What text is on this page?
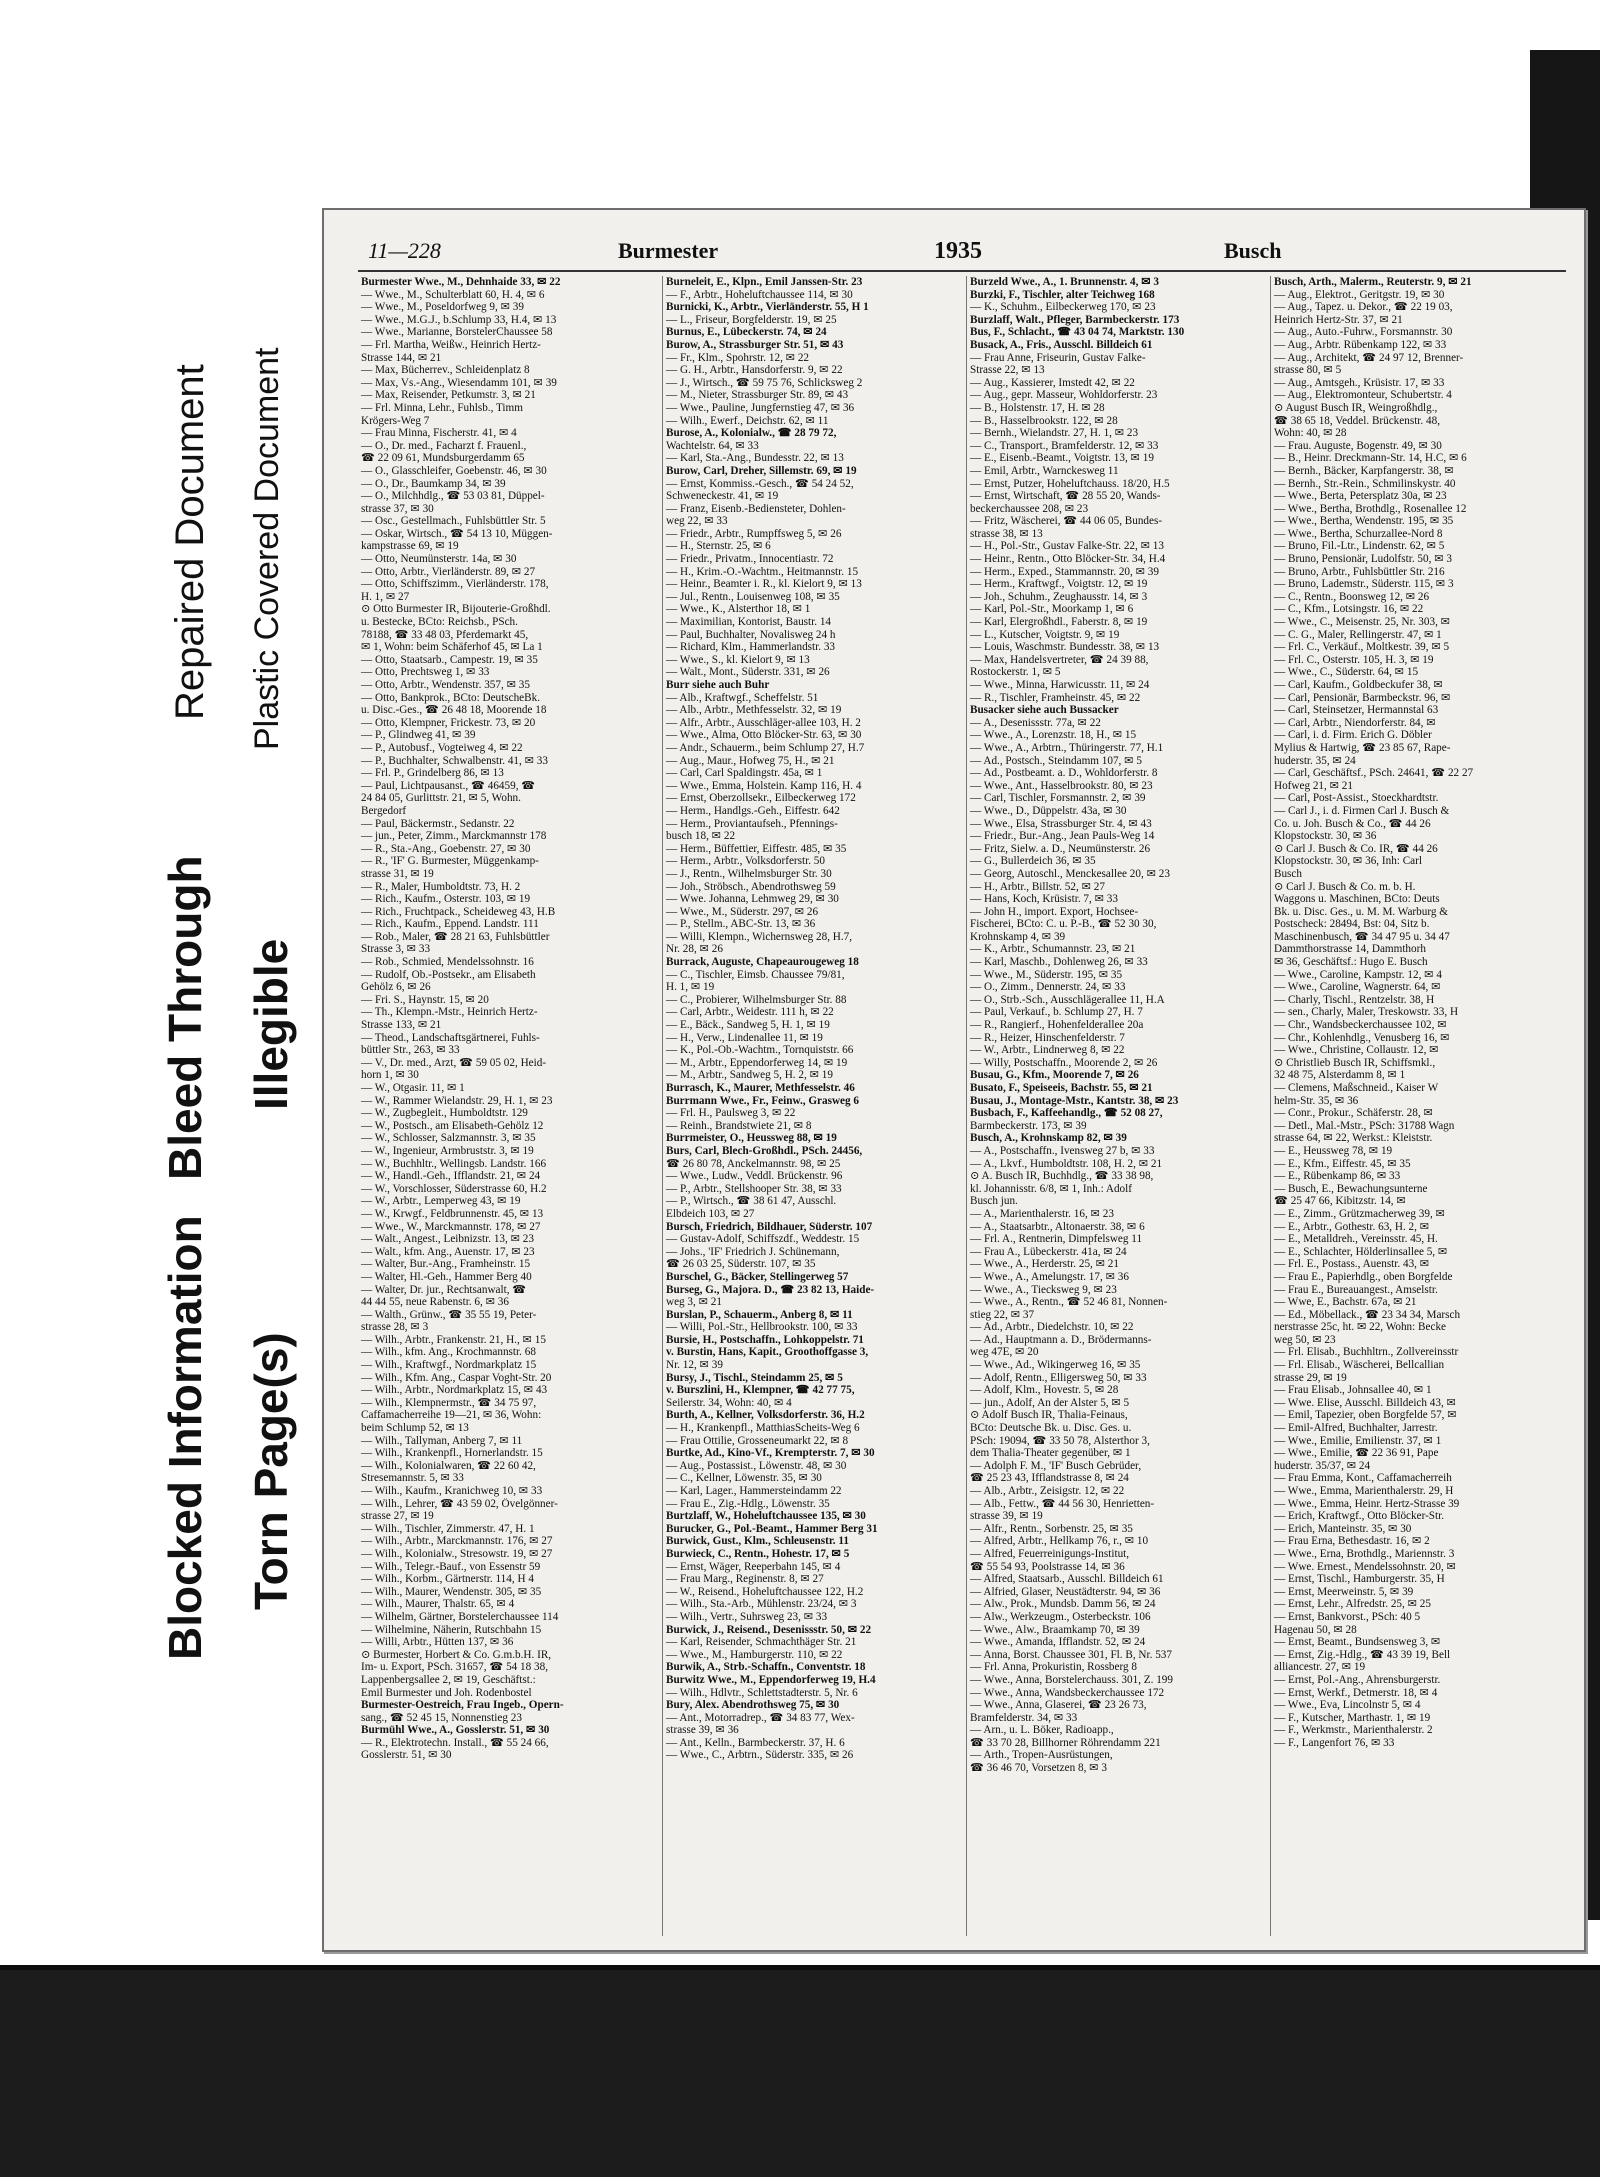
Blocked Information
Bleed Through
Repaired Document
Torn Page(s)
Illegible
Plastic Covered Document
11—228	Burmester	1935	Busch
Burmester Wwe., M., Dehnhaide 33, ✉ 22
— Wwe., M., Schulterblatt 60, H. 4, ✉ 6
— Wwe., M., Poseldorfweg 9, ✉ 39
— Wwe., M.G.J., b.Schlump 33, H.4, ✉ 13
— Wwe., Marianne, BorstelerChaussee 58
— Frl. Martha, Weißw., Heinrich Hertz-
Strasse 144, ✉ 21
— Max, Bücherrev., Schleidenplatz 8
— Max, Vs.-Ang., Wiesendamm 101, ✉ 39
— Max, Reisender, Petkumstr. 3, ✉ 21
— Frl. Minna, Lehr., Fuhlsb., Timm
Krögers-Weg 7
— Frau Minna, Fischerstr. 41, ✉ 4
— O., Dr. med., Facharzt f. Frauenl.,
☎ 22 09 61, Mundsburgerdamm 65
— O., Glasschleifer, Goebenstr. 46, ✉ 30
— O., Dr., Baumkamp 34, ✉ 39
— O., Milchhdlg., ☎ 53 03 81, Düppel-
strasse 37, ✉ 30
— Osc., Gestellmach., Fuhlsbüttler Str. 5
— Oskar, Wirtsch., ☎ 54 13 10, Müggen-
kampstrasse 69, ✉ 19
— Otto, Neumünsterstr. 14a, ✉ 30
— Otto, Arbtr., Vierländerstr. 89, ✉ 27
— Otto, Schiffszimm., Vierländerstr. 178,
H. 1, ✉ 27
⊙ Otto Burmester IR, Bijouterie-Großhdl.
u. Bestecke, BCto: Reichsb., PSch.
78188, ☎ 33 48 03, Pferdemarkt 45,
✉ 1, Wohn: beim Schäferhof 45, ✉ La 1
— Otto, Staatsarb., Campestr. 19, ✉ 35
— Otto, Prechtsweg 1, ✉ 33
— Otto, Arbtr., Wendenstr. 357, ✉ 35
— Otto, Bankprok., BCto: DeutscheBk.
u. Disc.-Ges., ☎ 26 48 18, Moorende 18
— Otto, Klempner, Frickestr. 73, ✉ 20
— P., Glindweg 41, ✉ 39
— P., Autobusf., Vogteiweg 4, ✉ 22
— P., Buchhalter, Schwalbenstr. 41, ✉ 33
— Frl. P., Grindelberg 86, ✉ 13
— Paul, Lichtpausanst., ☎ 46459, ☎
24 84 05, Gurlittstr. 21, ✉ 5, Wohn.
Bergedorf
— Paul, Bäckermstr., Sedanstr. 22
— jun., Peter, Zimm., Marckmannstr 178
— R., Sta.-Ang., Goebenstr. 27, ✉ 30
— R., 'IF' G. Burmester, Müggenkamp-
strasse 31, ✉ 19
— R., Maler, Humboldtstr. 73, H. 2
— Rich., Kaufm., Osterstr. 103, ✉ 19
— Rich., Fruchtpack., Scheideweg 43, H.B
— Rich., Kaufm., Eppend. Landstr. 111
— Rob., Maler, ☎ 28 21 63, Fuhlsbüttler
Strasse 3, ✉ 33
— Rob., Schmied, Mendelssohnstr. 16
— Rudolf, Ob.-Postsekr., am Elisabeth
Gehölz 6, ✉ 26
— Fri. S., Haynstr. 15, ✉ 20
— Th., Klempn.-Mstr., Heinrich Hertz-
Strasse 133, ✉ 21
— Theod., Landschaftsgärtnerei, Fuhls-
büttler Str., 263, ✉ 33
— V., Dr. med., Arzt, ☎ 59 05 02, Heid-
horn 1, ✉ 30
— W., Otgasir. 11, ✉ 1
— W., Rammer Wielandstr. 29, H. 1, ✉ 23
— W., Zugbegleit., Humboldtstr. 129
— W., Postsch., am Elisabeth-Gehölz 12
— W., Schlosser, Salzmannstr. 3, ✉ 35
— W., Ingenieur, Armbruststr. 3, ✉ 19
— W., Buchhltr., Wellingsb. Landstr. 166
— W., Handl.-Geh., Ifflandstr. 21, ✉ 24
— W., Vorschlosser, Süderstrasse 60, H.2
— W., Arbtr., Lemperweg 43, ✉ 19
— W., Krwgf., Feldbrunnenstr. 45, ✉ 13
— Wwe., W., Marckmannstr. 178, ✉ 27
— Walt., Angest., Leibnizstr. 13, ✉ 23
— Walt., kfm. Ang., Auenstr. 17, ✉ 23
— Walter, Bur.-Ang., Framheinstr. 15
— Walter, Hl.-Geh., Hammer Berg 40
— Walter, Dr. jur., Rechtsanwalt, ☎
44 44 55, neue Rabenstr. 6, ✉ 36
— Walth., Grünw., ☎ 35 55 19, Peter-
strasse 28, ✉ 3
— Wilh., Arbtr., Frankenstr. 21, H., ✉ 15
— Wilh., kfm. Ang., Krochmannstr. 68
— Wilh., Kraftwgf., Nordmarkplatz 15
— Wilh., Kfm. Ang., Caspar Voght-Str. 20
— Wilh., Arbtr., Nordmarkplatz 15, ✉ 43
— Wilh., Klempnermstr., ☎ 34 75 97,
Caffamacherreihe 19—21, ✉ 36, Wohn:
beim Schlump 52, ✉ 13
— Wilh., Tallyman, Anberg 7, ✉ 11
— Wilh., Krankenpfl., Hornerlandstr. 15
— Wilh., Kolonialwaren, ☎ 22 60 42,
Stresemannstr. 5, ✉ 33
— Wilh., Kaufm., Kranichweg 10, ✉ 33
— Wilh., Lehrer, ☎ 43 59 02, Övelgönner-
strasse 27, ✉ 19
— Wilh., Tischler, Zimmerstr. 47, H. 1
— Wilh., Arbtr., Marckmannstr. 176, ✉ 27
— Wilh., Kolonialw., Stresowstr. 19, ✉ 27
— Wilh., Telegr.-Bauf., von Essenstr 59
— Wilh., Korbm., Gärtnerstr. 114, H 4
— Wilh., Maurer, Wendenstr. 305, ✉ 35
— Wilh., Maurer, Thalstr. 65, ✉ 4
— Wilhelm, Gärtner, Borstelerchaussee 114
— Wilhelmine, Näherin, Rutschbahn 15
— Willi, Arbtr., Hütten 137, ✉ 36
⊙ Burmester, Horbert & Co. G.m.b.H. IR,
Im- u. Export, PSch. 31657, ☎ 54 18 38,
Lappenbergsallee 2, ✉ 19, Geschäftst.:
Emil Burmester und Joh. Rodenbostel
Burmester-Oestreich, Frau Ingeb., Opern-
sang., ☎ 52 45 15, Nonnenstieg 23
Burmühl Wwe., A., Gosslerstr. 51, ✉ 30
— R., Elektrotechn. Install., ☎ 55 24 66,
Gosslerstr. 51, ✉ 30
Burneleit, E., Klpn., Emil Janssen-Str. 23
— F., Arbtr., Hoheluftchaussee 114, ✉ 30
Burnicki, K., Arbtr., Vierländerstr. 55, H 1
— L., Friseur, Borgfelderstr. 19, ✉ 25
Burnus, E., Lübeckerstr. 74, ✉ 24
Burow, A., Strassburger Str. 51, ✉ 43
— Fr., Klm., Spohrstr. 12, ✉ 22
— G. H., Arbtr., Hansdorferstr. 9, ✉ 22
— J., Wirtsch., ☎ 59 75 76, Schlicksweg 2
— M., Nieter, Strassburger Str. 89, ✉ 43
— Wwe., Pauline, Jungfernstieg 47, ✉ 36
— Wilh., Ewerf., Deichstr. 62, ✉ 11
Burose, A., Kolonialw., ☎ 28 79 72,
Wachtelstr. 64, ✉ 33
— Karl, Sta.-Ang., Bundesstr. 22, ✉ 13
Burow, Carl, Dreher, Sillemstr. 69, ✉ 19
— Ernst, Kommiss.-Gesch., ☎ 54 24 52,
Schweneckestr. 41, ✉ 19
— Franz, Eisenb.-Bediensteter, Dohlen-
weg 22, ✉ 33
— Friedr., Arbtr., Rumpffsweg 5, ✉ 26
— H., Sternstr. 25, ✉ 6
— Friedr., Privatm., Innocentiastr. 72
— H., Krim.-O.-Wachtm., Heitmannstr. 15
— Heinr., Beamter i. R., kl. Kielort 9, ✉ 13
— Jul., Rentn., Louisenweg 108, ✉ 35
— Wwe., K., Alsterthor 18, ✉ 1
— Maximilian, Kontorist, Baustr. 14
— Paul, Buchhalter, Novalisweg 24 h
— Richard, Klm., Hammerlandstr. 33
— Wwe., S., kl. Kielort 9, ✉ 13
— Walt., Mont., Süderstr. 331, ✉ 26
Burr siehe auch Buhr
— Alb., Kraftwgf., Scheffelstr. 51
— Alb., Arbtr., Methfesselstr. 32, ✉ 19
— Alfr., Arbtr., Ausschläger-allee 103, H. 2
— Wwe., Alma, Otto Blöcker-Str. 63, ✉ 30
— Andr., Schauerm., beim Schlump 27, H.7
— Aug., Maur., Hofweg 75, H., ✉ 21
— Carl, Carl Spaldingstr. 45a, ✉ 1
— Wwe., Emma, Holstein. Kamp 116, H. 4
— Ernst, Oberzollsekr., Eilbeckerweg 172
— Herm., Handlgs.-Geh., Eiffestr. 642
— Herm., Proviantaufseh., Pfennings-
busch 18, ✉ 22
— Herm., Büffettier, Eiffestr. 485, ✉ 35
— Herm., Arbtr., Volksdorferstr. 50
— J., Rentn., Wilhelmsburger Str. 30
— Joh., Ströbsch., Abendrothsweg 59
— Wwe. Johanna, Lehmweg 29, ✉ 30
— Wwe., M., Süderstr. 297, ✉ 26
— P., Stellm., ABC-Str. 13, ✉ 36
— Willi, Klempn., Wichernsweg 28, H.7,
Nr. 28, ✉ 26
Burrack, Auguste, Chapeaurougeweg 18
— C., Tischler, Eimsb. Chaussee 79/81,
H. 1, ✉ 19
— C., Probierer, Wilhelmsburger Str. 88
— Carl, Arbtr., Weidestr. 111 h, ✉ 22
— E., Bäck., Sandweg 5, H. 1, ✉ 19
— H., Verw., Lindenallee 11, ✉ 19
— K., Pol.-Ob.-Wachtm., Tornquiststr. 66
— M., Arbtr., Eppendorferweg 14, ✉ 19
— M., Arbtr., Sandweg 5, H. 2, ✉ 19
Burrasch, K., Maurer, Methfesselstr. 46
Burrmann Wwe., Fr., Feinw., Grasweg 6
— Frl. H., Paulsweg 3, ✉ 22
— Reinh., Brandstwiete 21, ✉ 8
Burrmeister, O., Heussweg 88, ✉ 19
Burs, Carl, Blech-Großhdl., PSch. 24456,
☎ 26 80 78, Anckelmannstr. 98, ✉ 25
— Wwe., Ludw., Veddl. Brückenstr. 96
— P., Arbtr., Stellshooper Str. 38, ✉ 33
— P., Wirtsch., ☎ 38 61 47, Ausschl.
Elbdeich 103, ✉ 27
Bursch, Friedrich, Bildhauer, Süderstr. 107
— Gustav-Adolf, Schiffszdf., Weddestr. 15
— Johs., 'IF' Friedrich J. Schünemann,
☎ 26 03 25, Süderstr. 107, ✉ 35
Burschel, G., Bäcker, Stellingerweg 57
Burseg, G., Majora. D., ☎ 23 82 13, Haide-
weg 3, ✉ 21
Burslan, P., Schauerm., Anberg 8, ✉ 11
— Willi, Pol.-Str., Hellbrookstr. 100, ✉ 33
Bursie, H., Postschaffn., Lohkoppelstr. 71
v. Burstin, Hans, Kapit., Groothoffgasse 3,
Nr. 12, ✉ 39
Bursy, J., Tischl., Steindamm 25, ✉ 5
v. Burszlini, H., Klempner, ☎ 42 77 75,
Seilerstr. 34, Wohn: 40, ✉ 4
Burth, A., Kellner, Volksdorferstr. 36, H.2
— H., Krankenpfl., MatthiasScheits-Weg 6
— Frau Ottilie, Grosseneumarkt 22, ✉ 8
Burtke, Ad., Kino-Vf., Krempterstr. 7, ✉ 30
— Aug., Postassist., Löwenstr. 48, ✉ 30
— C., Kellner, Löwenstr. 35, ✉ 30
— Karl, Lager., Hammersteindamm 22
— Frau E., Zig.-Hdlg., Löwenstr. 35
Burtzlaff, W., Hoheluftchaussee 135, ✉ 30
Burucker, G., Pol.-Beamt., Hammer Berg 31
Burwick, Gust., Klm., Schleusenstr. 11
Burwieck, C., Rentn., Hohestr. 17, ✉ 5
— Ernst, Wäger, Reeperbahn 145, ✉ 4
— Frau Marg., Reginenstr. 8, ✉ 27
— W., Reisend., Hoheluftchaussee 122, H.2
— Wilh., Sta.-Arb., Mühlenstr. 23/24, ✉ 3
— Wilh., Vertr., Suhrsweg 23, ✉ 33
Burwick, J., Reisend., Desenissstr. 50, ✉ 22
— Karl, Reisender, Schmachthäger Str. 21
— Wwe., M., Hamburgerstr. 110, ✉ 22
Burwik, A., Strb.-Schaffn., Conventstr. 18
Burwitz Wwe., M., Eppendorferweg 19, H.4
— Wilh., Hdlvtr., Schlettstadterstr. 5, Nr. 6
Bury, Alex. Abendrothsweg 75, ✉ 30
— Ant., Motorradrep., ☎ 34 83 77, Wex-
strasse 39, ✉ 36
— Ant., Kelln., Barmbeckerstr. 37, H. 6
— Wwe., C., Arbtrn., Süderstr. 335, ✉ 26
Burzeld Wwe., A., 1. Brunnenstr. 4, ✉ 3
Burzki, F., Tischler, alter Teichweg 168
— K., Schuhm., Eilbeckerweg 170, ✉ 23
Burzlaff, Walt., Pfleger, Barmbeckerstr. 173
Bus, F., Schlacht., ☎ 43 04 74, Marktstr. 130
Busack, A., Fris., Ausschl. Billdeich 61
— Frau Anne, Friseurin, Gustav Falke-
Strasse 22, ✉ 13
— Aug., Kassierer, Imstedt 42, ✉ 22
— Aug., gepr. Masseur, Wohldorferstr. 23
— B., Holstenstr. 17, H. ✉ 28
— B., Hasselbrookstr. 122, ✉ 28
— Bernh., Wielandstr. 27, H. 1, ✉ 23
— C., Transport., Bramfelderstr. 12, ✉ 33
— E., Eisenb.-Beamt., Voigtstr. 13, ✉ 19
— Emil, Arbtr., Warnckesweg 11
— Ernst, Putzer, Hoheluftchauss. 18/20, H.5
— Ernst, Wirtschaft, ☎ 28 55 20, Wands-
beckerchaussee 208, ✉ 23
— Fritz, Wäscherei, ☎ 44 06 05, Bundes-
strasse 38, ✉ 13
— H., Pol.-Str., Gustav Falke-Str. 22, ✉ 13
— Heinr., Rentn., Otto Blöcker-Str. 34, H.4
— Herm., Exped., Stammannstr. 20, ✉ 39
— Herm., Kraftwgf., Voigtstr. 12, ✉ 19
— Joh., Schuhm., Zeughausstr. 14, ✉ 3
— Karl, Pol.-Str., Moorkamp 1, ✉ 6
— Karl, Elergroßhdl., Faberstr. 8, ✉ 19
— L., Kutscher, Voigtstr. 9, ✉ 19
— Louis, Waschmstr. Bundesstr. 38, ✉ 13
— Max, Handelsvertreter, ☎ 24 39 88,
Rostockerstr. 1, ✉ 5
— Wwe., Minna, Harwicusstr. 11, ✉ 24
— R., Tischler, Framheinstr. 45, ✉ 22
Busacker siehe auch Bussacker
— A., Desenissstr. 77a, ✉ 22
— Wwe., A., Lorenzstr. 18, H., ✉ 15
— Wwe., A., Arbtrn., Thüringerstr. 77, H.1
— Ad., Postsch., Steindamm 107, ✉ 5
— Ad., Postbeamt. a. D., Wohldorferstr. 8
— Wwe., Ant., Hasselbrookstr. 80, ✉ 23
— Carl, Tischler, Forsmannstr. 2, ✉ 39
— Wwe., D., Düppelstr. 43a, ✉ 30
— Wwe., Elsa, Strassburger Str. 4, ✉ 43
— Friedr., Bur.-Ang., Jean Pauls-Weg 14
— Fritz, Sielw. a. D., Neumünsterstr. 26
— G., Bullerdeich 36, ✉ 35
— Georg, Autoschl., Menckesallee 20, ✉ 23
— H., Arbtr., Billstr. 52, ✉ 27
— Hans, Koch, Krüsistr. 7, ✉ 33
— John H., import. Export, Hochsee-
Fischerei, BCto: C. u. P.-B., ☎ 52 30 30,
Krohnskamp 4, ✉ 39
— K., Arbtr., Schumannstr. 23, ✉ 21
— Karl, Maschb., Dohlenweg 26, ✉ 33
— Wwe., M., Süderstr. 195, ✉ 35
— O., Zimm., Dennerstr. 24, ✉ 33
— O., Strb.-Sch., Ausschlägerallee 11, H.A
— Paul, Verkauf., b. Schlump 27, H. 7
— R., Rangierf., Hohenfelderallee 20a
— R., Heizer, Hinschenfelderstr. 7
— W., Arbtr., Lindnerweg 8, ✉ 22
— Willy, Postschaffn., Moorende 2, ✉ 26
Busau, G., Kfm., Moorende 7, ✉ 26
Busato, F., Speiseeis, Bachstr. 55, ✉ 21
Busau, J., Montage-Mstr., Kantstr. 38, ✉ 23
Busbach, F., Kaffeehandlg., ☎ 52 08 27,
Barmbeckerstr. 173, ✉ 39
Busch, A., Krohnskamp 82, ✉ 39
— A., Postschaffn., Ivensweg 27 b, ✉ 33
— A., Lkvf., Humboldtstr. 108, H. 2, ✉ 21
⊙ A. Busch IR, Buchhdlg., ☎ 33 38 98,
kl. Johannisstr. 6/8, ✉ 1, Inh.: Adolf
Busch jun.
— A., Marienthalerstr. 16, ✉ 23
— A., Staatsarbtr., Altonaerstr. 38, ✉ 6
— Frl. A., Rentnerin, Dimpfelsweg 11
— Frau A., Lübeckerstr. 41a, ✉ 24
— Wwe., A., Herderstr. 25, ✉ 21
— Wwe., A., Amelungstr. 17, ✉ 36
— Wwe., A., Tiecksweg 9, ✉ 23
— Wwe., A., Rentn., ☎ 52 46 81, Nonnen-
stieg 22, ✉ 37
— Ad., Arbtr., Diedelchstr. 10, ✉ 22
— Ad., Hauptmann a. D., Brödermanns-
weg 47E, ✉ 20
— Wwe., Ad., Wikingerweg 16, ✉ 35
— Adolf, Rentn., Elligersweg 50, ✉ 33
— Adolf, Klm., Hovestr. 5, ✉ 28
— jun., Adolf, An der Alster 5, ✉ 5
⊙ Adolf Busch IR, Thalia-Feinaus,
BCto: Deutsche Bk. u. Disc. Ges. u.
PSch: 19094, ☎ 33 50 78, Alsterthor 3,
dem Thalia-Theater gegenüber, ✉ 1
— Adolph F. M., 'IF' Busch Gebrüder,
☎ 25 23 43, Ifflandstrasse 8, ✉ 24
— Alb., Arbtr., Zeisigstr. 12, ✉ 22
— Alb., Fettw., ☎ 44 56 30, Henrietten-
strasse 39, ✉ 19
— Alfr., Rentn., Sorbenstr. 25, ✉ 35
— Alfred, Arbtr., Hellkamp 76, r., ✉ 10
— Alfred, Feuerreinigungs-Institut,
☎ 55 54 93, Poolstrasse 14, ✉ 36
— Alfred, Staatsarb., Ausschl. Billdeich 61
— Alfried, Glaser, Neustädterstr. 94, ✉ 36
— Alw., Prok., Mundsb. Damm 56, ✉ 24
— Alw., Werkzeugm., Osterbeckstr. 106
— Wwe., Alw., Braamkamp 70, ✉ 39
— Wwe., Amanda, Ifflandstr. 52, ✉ 24
— Anna, Borst. Chaussee 301, Fl. B, Nr. 537
— Frl. Anna, Prokuristin, Rossberg 8
— Wwe., Anna, Borstelerchauss. 301, Z. 199
— Wwe., Anna, Wandsbeckerchaussee 172
— Wwe., Anna, Glaserei, ☎ 23 26 73,
Bramfelderstr. 34, ✉ 33
— Arn., u. L. Böker, Radioapp.,
☎ 33 70 28, Billhorner Röhrendamm 221
— Arth., Tropen-Ausrüstungen,
☎ 36 46 70, Vorsetzen 8, ✉ 3
Busch, Arth., Malerm., Reuterstr. 9, ✉ 21
— Aug., Elektrot., Geritgstr. 19, ✉ 30
— Aug., Tapez. u. Dekor., ☎ 22 19 03,
Heinrich Hertz-Str. 37, ✉ 21
— Aug., Auto.-Fuhrw., Forsmannstr. 30
— Aug., Arbtr. Rübenkamp 122, ✉ 33
— Aug., Architekt, ☎ 24 97 12, Brenner-
strasse 80, ✉ 5
— Aug., Amtsgeh., Krüsistr. 17, ✉ 33
— Aug., Elektromonteur, Schubertstr. 4
⊙ August Busch IR, Weingroßhdlg.,
☎ 38 65 18, Veddel. Brückenstr. 48,
Wohn: 40, ✉ 28
— Frau. Auguste, Bogenstr. 49, ✉ 30
— B., Heinr. Dreckmann-Str. 14, H.C, ✉ 6
— Bernh., Bäcker, Karpfangerstr. 38, ✉
— Bernh., Str.-Rein., Schmilinskystr. 40
— Wwe., Berta, Petersplatz 30a, ✉ 23
— Wwe., Bertha, Brothdlg., Rosenallee 12
— Wwe., Bertha, Wendenstr. 195, ✉ 35
— Wwe., Bertha, Schurzallee-Nord 8
— Bruno, Fil.-Ltr., Lindenstr. 62, ✉ 5
— Bruno, Pensionär, Ludolfstr. 50, ✉ 3
— Bruno, Arbtr., Fuhlsbüttler Str. 216
— Bruno, Lademstr., Süderstr. 115, ✉ 3
— C., Rentn., Boonsweg 12, ✉ 26
— C., Kfm., Lotsingstr. 16, ✉ 22
— Wwe., C., Meisenstr. 25, Nr. 303, ✉
— C. G., Maler, Rellingerstr. 47, ✉ 1
— Frl. C., Verkäuf., Moltkestr. 39, ✉ 5
— Frl. C., Osterstr. 105, H. 3, ✉ 19
— Wwe., C., Süderstr. 64, ✉ 15
— Carl, Kaufm., Goldbeckufer 38, ✉
— Carl, Pensionär, Barmbeckstr. 96, ✉
— Carl, Steinsetzer, Hermannstal 63
— Carl, Arbtr., Niendorferstr. 84, ✉
— Carl, i. d. Firm. Erich G. Döbler
Mylius & Hartwig, ☎ 23 85 67, Rape-
huderstr. 35, ✉ 24
— Carl, Geschäftsf., PSch. 24641, ☎ 22 27
Hofweg 21, ✉ 21
— Carl, Post-Assist., Stoeckhardtstr.
— Carl J., i. d. Firmen Carl J. Busch &
Co. u. Joh. Busch & Co., ☎ 44 26
Klopstockstr. 30, ✉ 36
⊙ Carl J. Busch & Co. IR, ☎ 44 26
Klopstockstr. 30, ✉ 36, Inh: Carl
Busch
⊙ Carl J. Busch & Co. m. b. H.
Waggons u. Maschinen, BCto: Deuts
Bk. u. Disc. Ges., u. M. M. Warburg &
Postscheck: 28494, Bst: 04, Sitz b.
Maschinenbusch, ☎ 34 47 95 u. 34 47
Dammthorstrasse 14, Dammthorh
✉ 36, Geschäftsf.: Hugo E. Busch
— Wwe., Caroline, Kampstr. 12, ✉ 4
— Wwe., Caroline, Wagnerstr. 64, ✉
— Charly, Tischl., Rentzelstr. 38, H
— sen., Charly, Maler, Treskowstr. 33, H
— Chr., Wandsbeckerchaussee 102, ✉
— Chr., Kohlenhdlg., Venusberg 16, ✉
— Wwe., Christine, Collaustr. 12, ✉
⊙ Christlieb Busch IR, Schiffsmkl.,
32 48 75, Alsterdamm 8, ✉ 1
— Clemens, Maßschneid., Kaiser W
helm-Str. 35, ✉ 36
— Conr., Prokur., Schäferstr. 28, ✉
— Detl., Mal.-Mstr., PSch: 31788 Wagn
strasse 64, ✉ 22, Werkst.: Kleiststr.
— E., Heussweg 78, ✉ 19
— E., Kfm., Eiffestr. 45, ✉ 35
— E., Rübenkamp 86, ✉ 33
— Busch, E., Bewachungsunterne
☎ 25 47 66, Kibitzstr. 14, ✉
— E., Zimm., Grützmacherweg 39, ✉
— E., Arbtr., Gothestr. 63, H. 2, ✉
— E., Metalldreh., Vereinsstr. 45, H.
— E., Schlachter, Hölderlinsallee 5, ✉
— Frl. E., Postass., Auenstr. 43, ✉
— Frau E., Papierhdlg., oben Borgfelde
— Frau E., Bureauangest., Amselstr.
— Wwe, E., Bachstr. 67a, ✉ 21
— Ed., Möbellack., ☎ 23 34 34, Marsch
nerstrasse 25c, ht. ✉ 22, Wohn: Becke
weg 50, ✉ 23
— Frl. Elisab., Buchhltrn., Zollvereinsstr
— Frl. Elisab., Wäscherei, Bellcallian
strasse 29, ✉ 19
— Frau Elisab., Johnsallee 40, ✉ 1
— Wwe. Elise, Ausschl. Billdeich 43, ✉
— Emil, Tapezier, oben Borgfelde 57, ✉
— Emil-Alfred, Buchhalter, Jarrestr.
— Wwe., Emilie, Emilienstr. 37, ✉ 1
— Wwe., Emilie, ☎ 22 36 91, Pape
huderstr. 35/37, ✉ 24
— Frau Emma, Kont., Caffamacherreih
— Wwe., Emma, Marienthalerstr. 29, H
— Wwe., Emma, Heinr. Hertz-Strasse 39
— Erich, Kraftwgf., Otto Blöcker-Str.
— Erich, Manteinstr. 35, ✉ 30
— Frau Erna, Bethesdastr. 16, ✉ 2
— Wwe., Erna, Brothdlg., Mariennstr. 3
— Wwe. Ernest., Mendelssohnstr. 20, ✉
— Ernst, Tischl., Hamburgerstr. 35, H
— Ernst, Meerweinstr. 5, ✉ 39
— Ernst, Lehr., Alfredstr. 25, ✉ 25
— Ernst, Bankvorst., PSch: 40 5
Hagenau 50, ✉ 28
— Ernst, Beamt., Bundsensweg 3, ✉
— Ernst, Zig.-Hdlg., ☎ 43 39 19, Bell
alliancestr. 27, ✉ 19
— Ernst, Pol.-Ang., Ahrensburgerstr.
— Ernst, Werkf., Detmerstr. 18, ✉ 4
— Wwe., Eva, Lincolnstr 5, ✉ 4
— F., Kutscher, Marthastr. 1, ✉ 19
— F., Werkmstr., Marienthalerstr. 2
— F., Langenfort 76, ✉ 33
